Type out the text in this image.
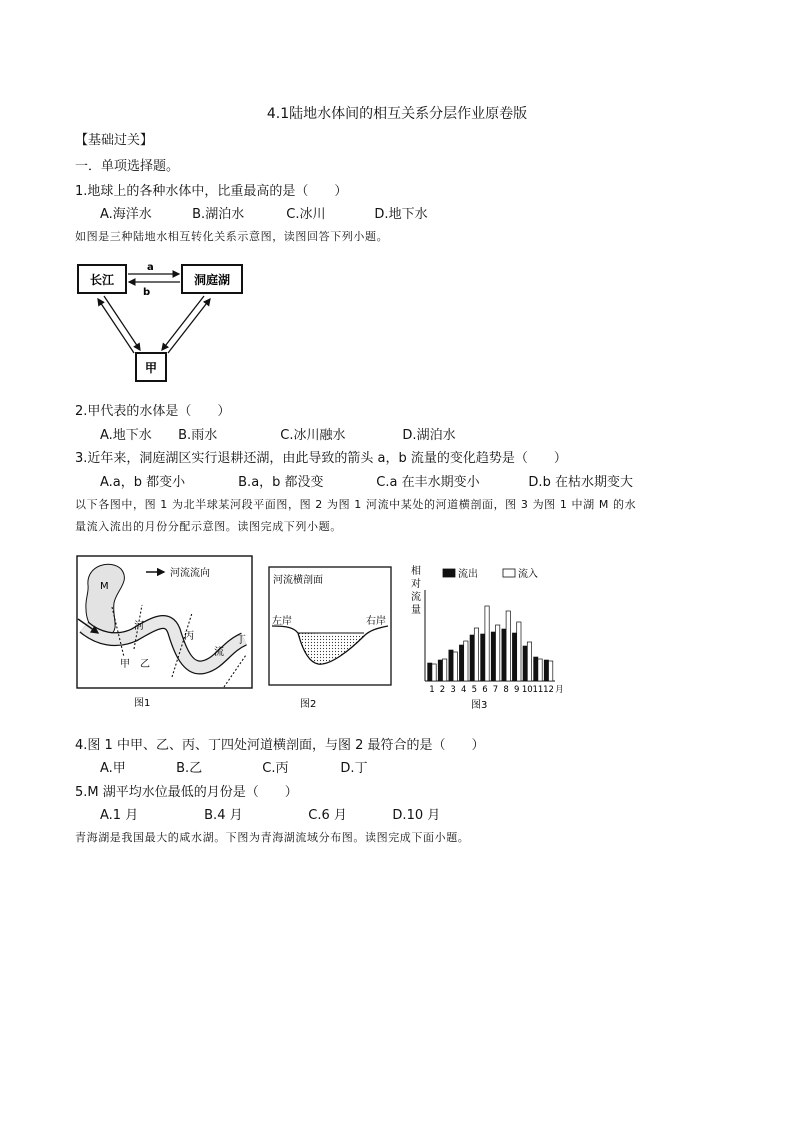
4.1陆地水体间的相互关系分层作业原卷版
【基础过关】
一．单项选择题。
1.地球上的各种水体中，比重最高的是（　　）
A.海洋水	B.湖泊水	C.冰川	D.地下水
如图是三种陆地水相互转化关系示意图，读图回答下列小题。
长江	洞庭湖
甲
a
b
2.甲代表的水体是（　　）
A.地下水 B.雨水	C.冰川融水	D.湖泊水
3.近年来，洞庭湖区实行退耕还湖，由此导致的箭头 a，b 流量的变化趋势是（　　）
A.a，b 都变小	B.a，b 都没变	C.a 在丰水期变小	D.b 在枯水期变大
以下各图中，图 1 为北半球某河段平面图，图 2 为图 1 河流中某处的河道横剖面，图 3 为图 1 中湖 M 的水
量流入流出的月份分配示意图。读图完成下列小题。
M
河流流向
河
流
甲 乙
丙	丁
图1
河流横剖面
左岸	右岸
图2
相
对
流
量
流出	流入
1 2 3 4 5 6 7 8 9 10 11 12 月
图3
4.图 1 中甲、乙、丙、丁四处河道横剖面，与图 2 最符合的是（　　）
A.甲	B.乙	C.丙	D.丁
5.M 湖平均水位最低的月份是（　　）
A.1 月	B.4 月	C.6 月	D.10 月
青海湖是我国最大的咸水湖。下图为青海湖流域分布图。读图完成下面小题。
